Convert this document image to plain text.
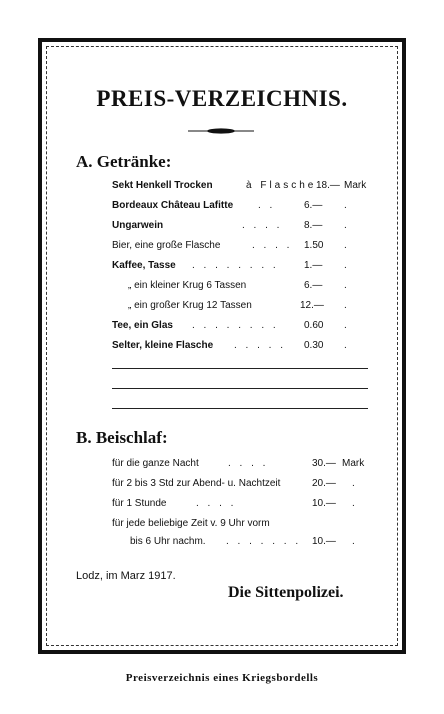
PREIS-VERZEICHNIS.
A. Getränke:
Sekt Henkell Trocken	à Flasche 18.— Mark
Bordeaux Château Lafitte . .	6.— .
Ungarwein	. . . . 8.— .
Bier, eine große Flasche	. . . . 1.50 .
Kaffee, Tasse . . . . . . . .	1.— .
„ ein kleiner Krug 6 Tassen	6.— .
„ ein großer Krug 12 Tassen	12.— .
Tee, ein Glas . . . . . . . .	0.60 .
Selter, kleine Flasche . . . . . 0.30 .
B. Beischlaf:
für die ganze Nacht	. . . .	30.— Mark
für 2 bis 3 Std zur Abend- u. Nachtzeit	20.— .
für 1 Stunde	. . . .	10.— .
für jede beliebige Zeit v. 9 Uhr vorm
bis 6 Uhr nachm. . . . . . . . 10.— .
Lodz, im Marz 1917.
Die Sittenpolizei.
Preisverzeichnis eines Kriegsbordells
